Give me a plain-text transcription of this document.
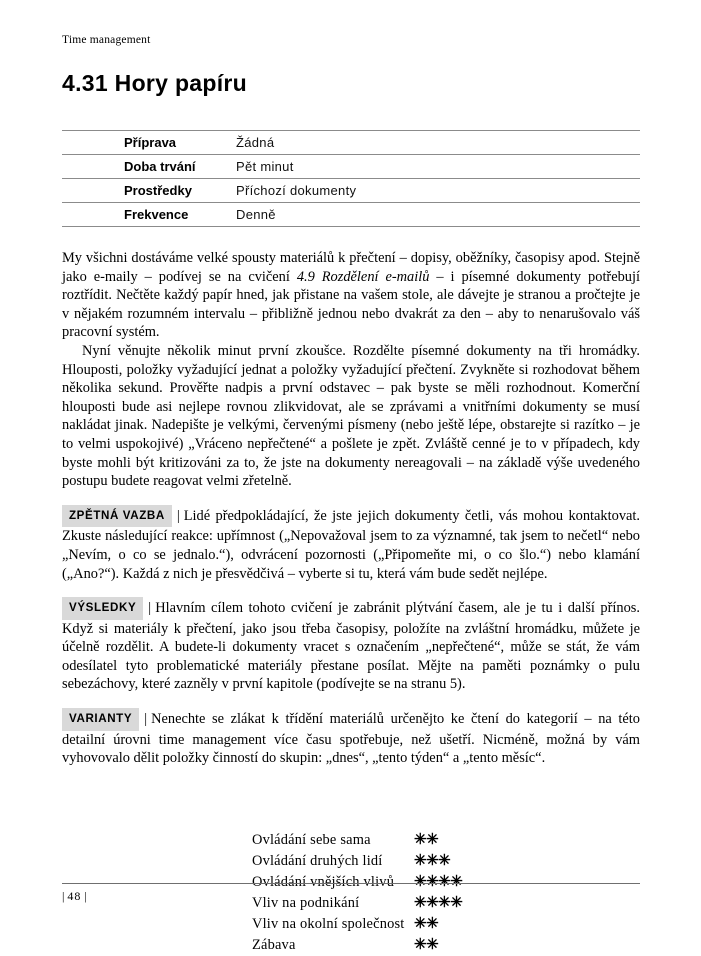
Time management
4.31 Hory papíru
Příprava	Žádná
Doba trvání	Pět minut
Prostředky	Příchozí dokumenty
Frekvence	Denně

My všichni dostáváme velké spousty materiálů k přečtení – dopisy, oběžníky, časopisy apod. Stejně jako e-maily – podívej se na cvičení 4.9 Rozdělení e-mailů – i písemné dokumenty potřebují roztřídit. Nečtěte každý papír hned, jak přistane na vašem stole, ale dávejte je stranou a pročtejte je v nějakém rozumném intervalu – přibližně jednou nebo dvakrát za den – aby to nenarušovalo váš pracovní systém.

Nyní věnujte několik minut první zkoušce. Rozdělte písemné dokumenty na tři hromádky. Hlouposti, položky vyžadující jednat a položky vyžadující přečtení. Zvykněte si rozhodovat během několika sekund. Prověřte nadpis a první odstavec – pak byste se měli rozhodnout. Komerční hlouposti bude asi nejlepe rovnou zlikvidovat, ale se zprávami a vnitřními dokumenty se musí nakládat jinak. Nadepište je velkými, červenými písmeny (nebo ještě lépe, obstarejte si razítko – je to velmi uspokojivé) „Vráceno nepřečtené“ a pošlete je zpět. Zvláště cenné je to v případech, kdy byste mohli být kritizováni za to, že jste na dokumenty nereagovali – na základě výše uvedeného postupu budete reagovat velmi zřetelně.

ZPĚTNÁ VAZBA | Lidé předpokládající, že jste jejich dokumenty četli, vás mohou kontaktovat. Zkuste následující reakce: upřímnost („Nepovažoval jsem to za významné, tak jsem to nečetl“ nebo „Nevím, o co se jednalo.“), odvrácení pozornosti („Připomeňte mi, o co šlo.“) nebo klamání („Ano?“). Každá z nich je přesvědčivá – vyberte si tu, která vám bude sedět nejlépe.

VÝSLEDKY | Hlavním cílem tohoto cvičení je zabránit plýtvání časem, ale je tu i další přínos. Když si materiály k přečtení, jako jsou třeba časopisy, položíte na zvláštní hromádku, můžete je účelně rozdělit. A budete-li dokumenty vracet s označením „nepřečtené“, může se stát, že vám odesílatel tyto problematické materiály přestane posílat. Mějte na paměti poznámky o pulu sebezáchovy, které zazněly v první kapitole (podívejte se na stranu 5).

VARIANTY | Nenechte se zlákat k třídění materiálů určenějto ke čtení do kategorií – na této detailní úrovni time management více času spotřebuje, než ušetří. Nicméně, možná by vám vyhovovalo dělit položky činností do skupin: „dnes“, „tento týden“ a „tento měsíc“.

Ovládání sebe sama	✳✳
Ovládání druhých lidí	✳✳✳
Ovládání vnějších vlivů	✳✳✳✳
Vliv na podnikání	✳✳✳✳
Vliv na okolní společnost ✳✳
Zábava	✳✳
| 48 |
